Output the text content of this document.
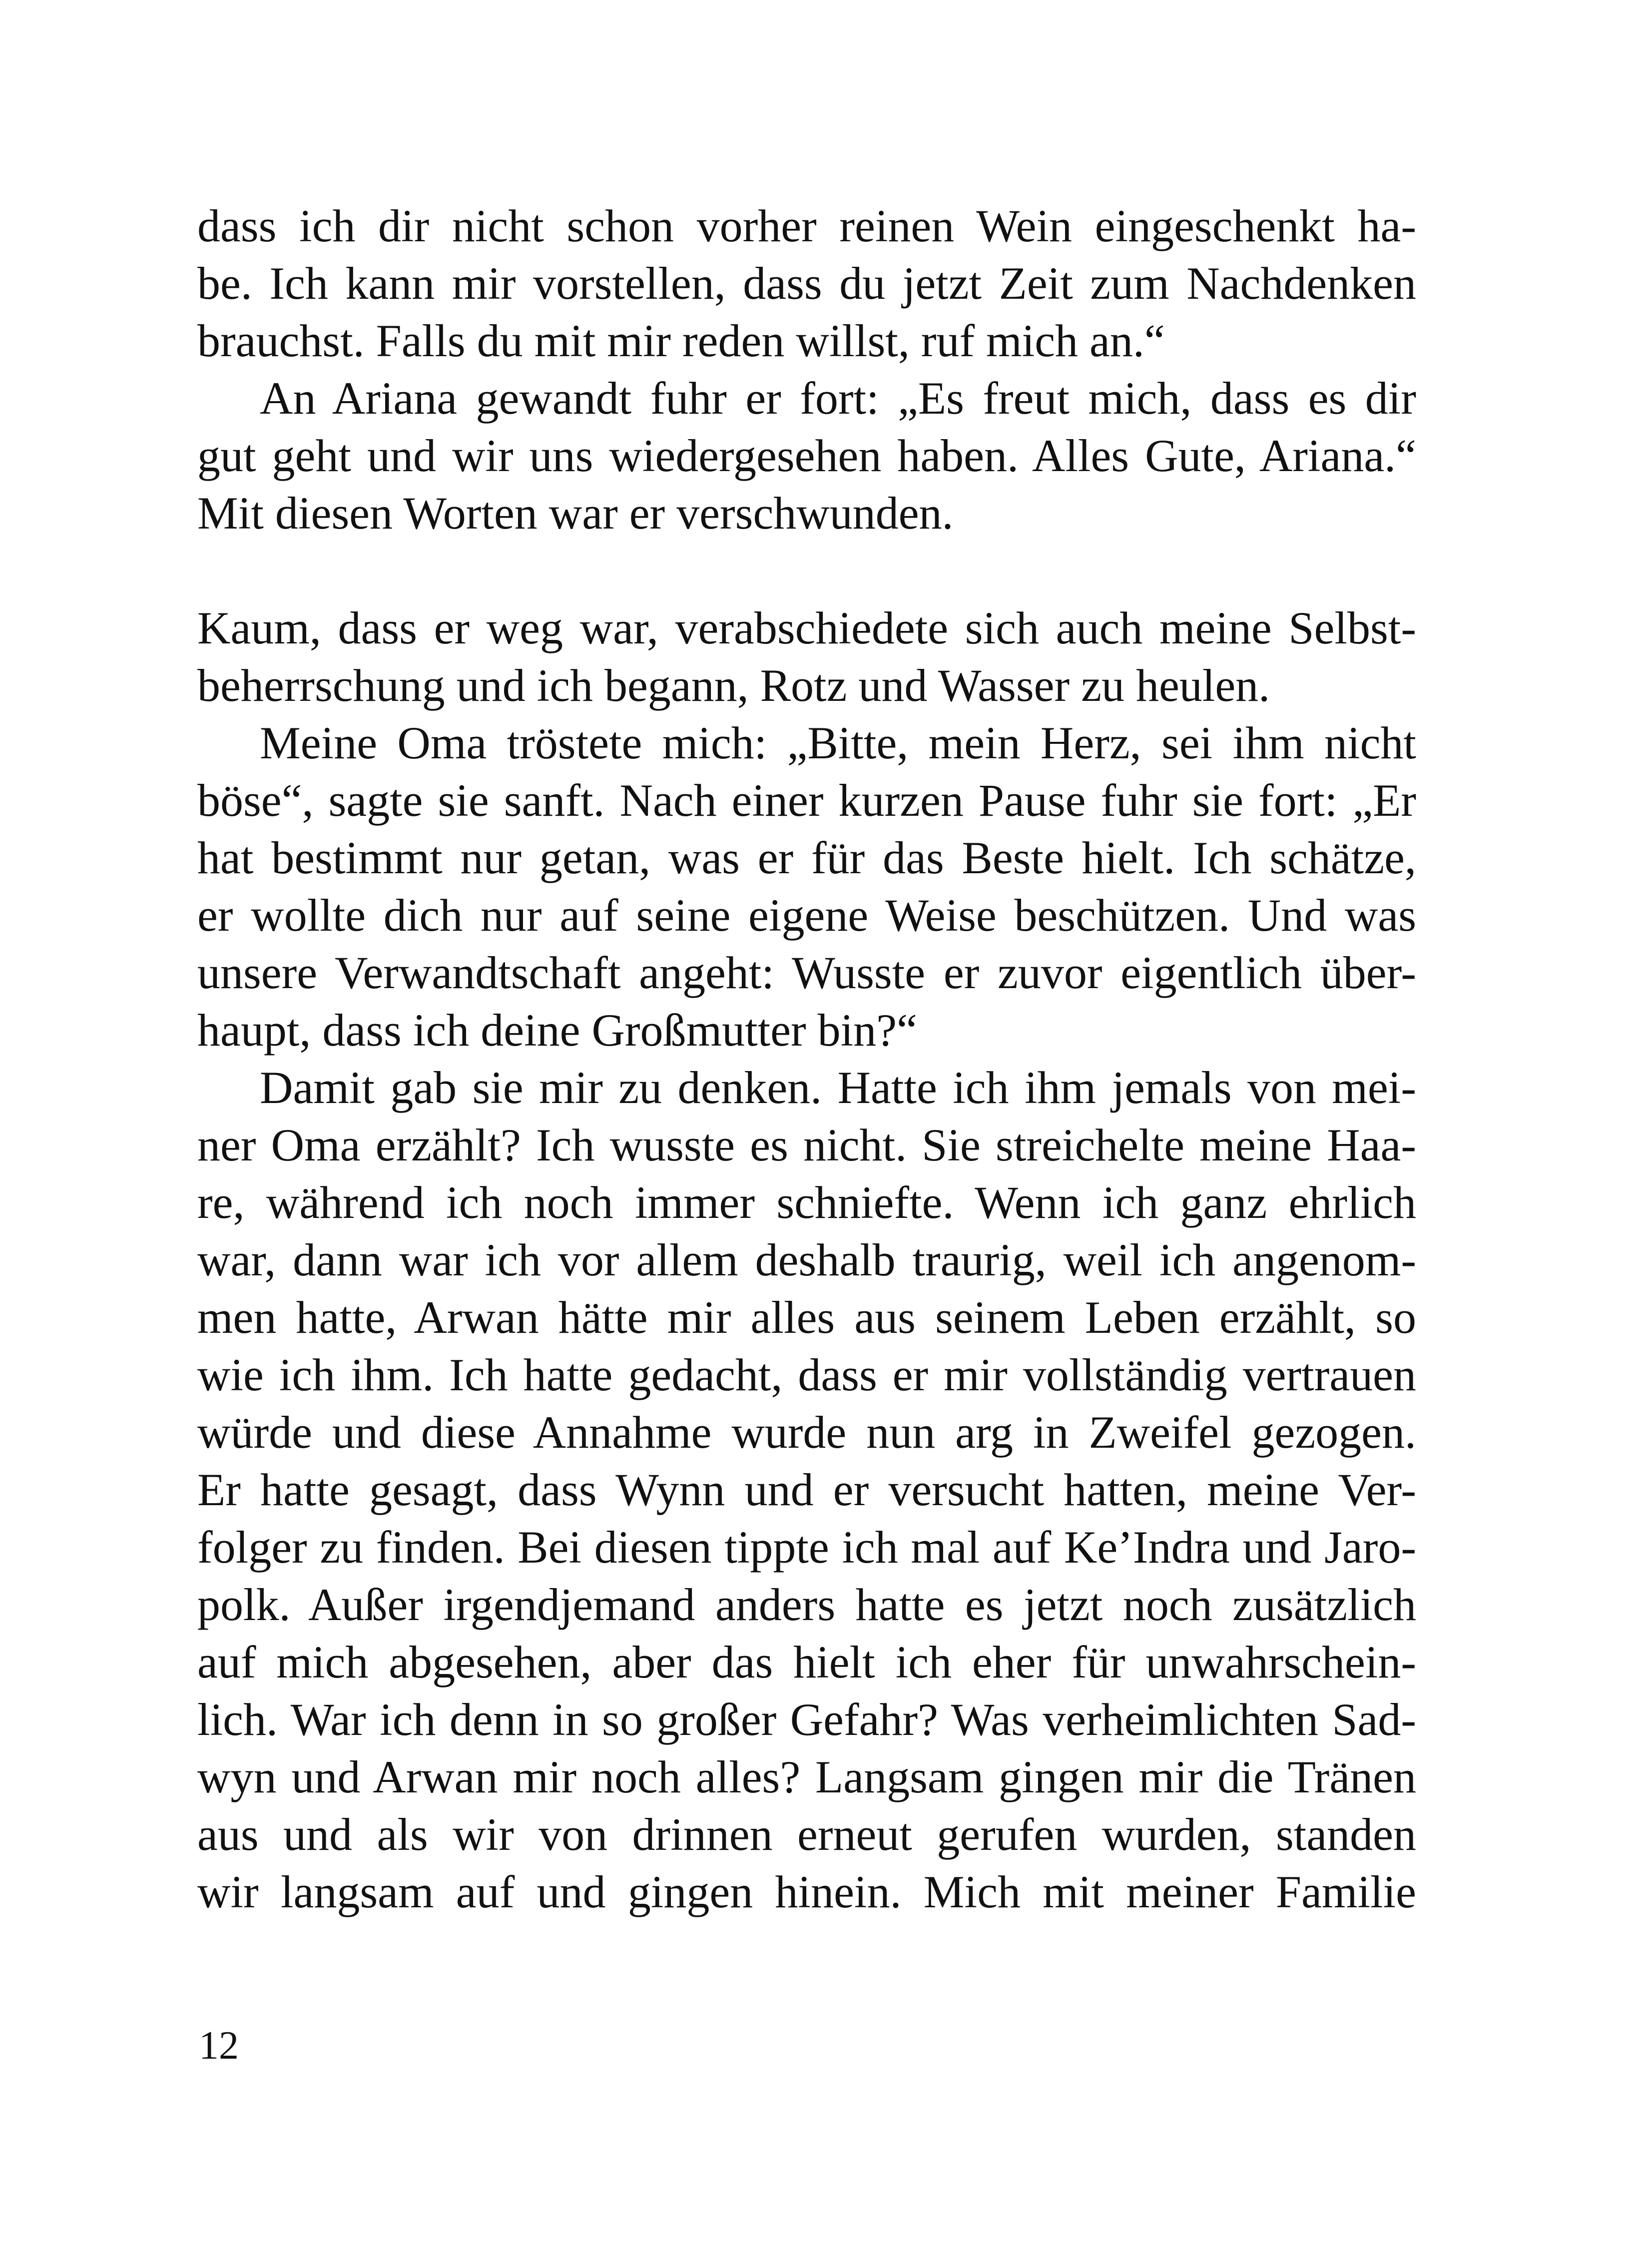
dass ich dir nicht schon vorher reinen Wein eingeschenkt ha-
be. Ich kann mir vorstellen, dass du jetzt Zeit zum Nachdenken
brauchst. Falls du mit mir reden willst, ruf mich an.“
An Ariana gewandt fuhr er fort: „Es freut mich, dass es dir
gut geht und wir uns wiedergesehen haben. Alles Gute, Ariana.“
Mit diesen Worten war er verschwunden.
Kaum, dass er weg war, verabschiedete sich auch meine Selbst-
beherrschung und ich begann, Rotz und Wasser zu heulen.
Meine Oma tröstete mich: „Bitte, mein Herz, sei ihm nicht
böse“, sagte sie sanft. Nach einer kurzen Pause fuhr sie fort: „Er
hat bestimmt nur getan, was er für das Beste hielt. Ich schätze,
er wollte dich nur auf seine eigene Weise beschützen. Und was
unsere Verwandtschaft angeht: Wusste er zuvor eigentlich über-
haupt, dass ich deine Großmutter bin?“
Damit gab sie mir zu denken. Hatte ich ihm jemals von mei-
ner Oma erzählt? Ich wusste es nicht. Sie streichelte meine Haa-
re, während ich noch immer schniefte. Wenn ich ganz ehrlich
war, dann war ich vor allem deshalb traurig, weil ich angenom-
men hatte, Arwan hätte mir alles aus seinem Leben erzählt, so
wie ich ihm. Ich hatte gedacht, dass er mir vollständig vertrauen
würde und diese Annahme wurde nun arg in Zweifel gezogen.
Er hatte gesagt, dass Wynn und er versucht hatten, meine Ver-
folger zu finden. Bei diesen tippte ich mal auf Ke’Indra und Jaro-
polk. Außer irgendjemand anders hatte es jetzt noch zusätzlich
auf mich abgesehen, aber das hielt ich eher für unwahrschein-
lich. War ich denn in so großer Gefahr? Was verheimlichten Sad-
wyn und Arwan mir noch alles? Langsam gingen mir die Tränen
aus und als wir von drinnen erneut gerufen wurden, standen
wir langsam auf und gingen hinein. Mich mit meiner Familie
12
